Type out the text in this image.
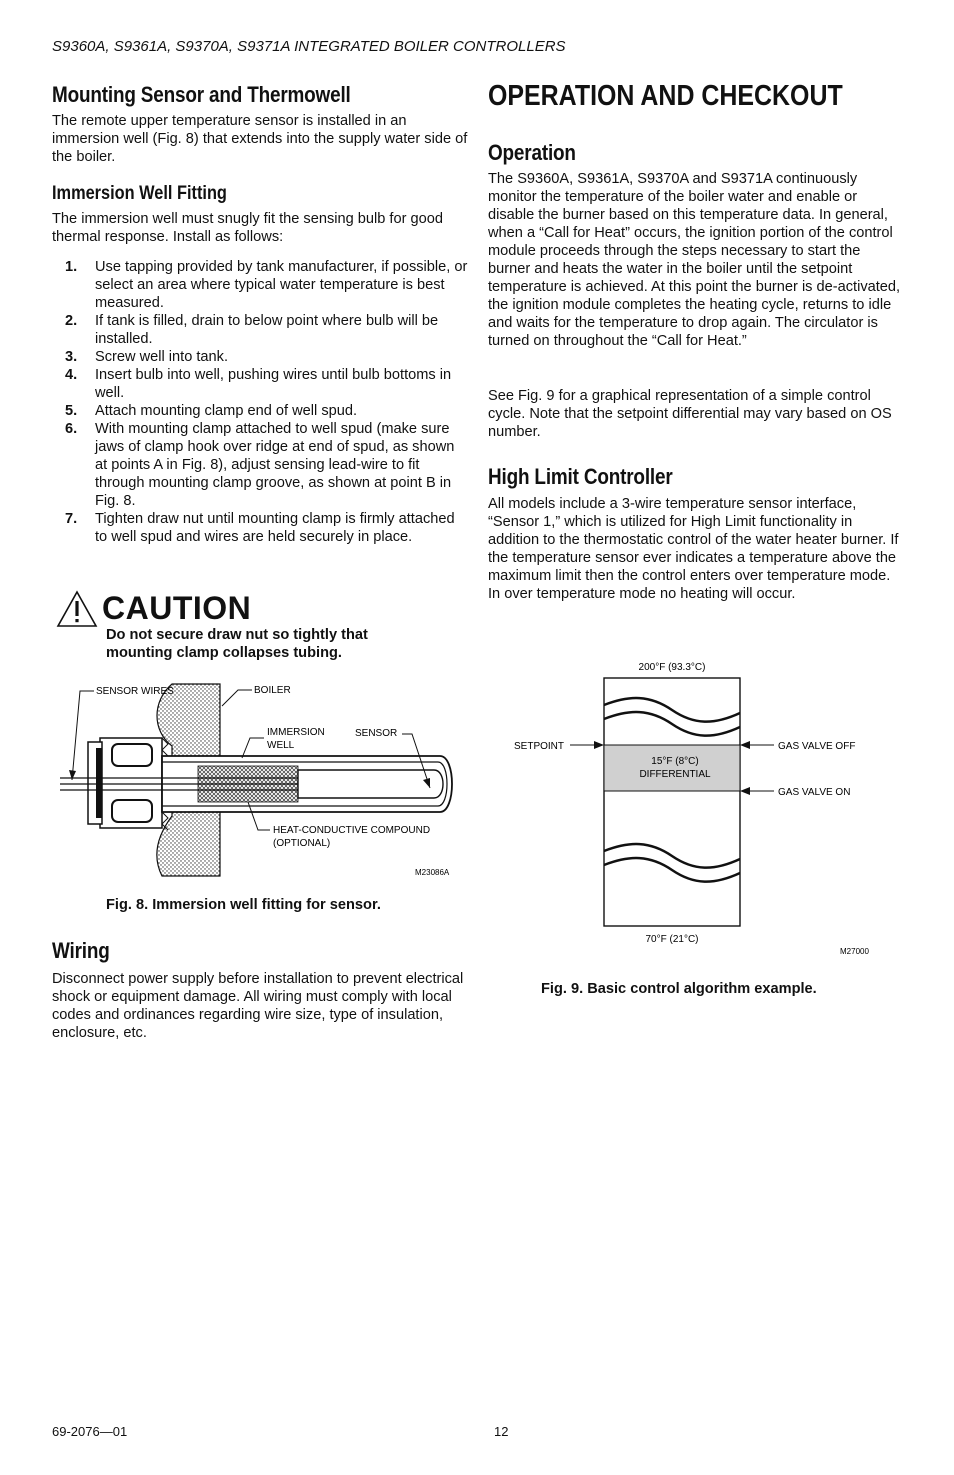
S9360A, S9361A, S9370A, S9371A INTEGRATED BOILER CONTROLLERS
Mounting Sensor and Thermowell
The remote upper temperature sensor is installed in an immersion well (Fig. 8) that extends into the supply water side of the boiler.
Immersion Well Fitting
The immersion well must snugly fit the sensing bulb for good thermal response. Install as follows:
1. Use tapping provided by tank manufacturer, if possible, or select an area where typical water temperature is best measured.
2. If tank is filled, drain to below point where bulb will be installed.
3. Screw well into tank.
4. Insert bulb into well, pushing wires until bulb bottoms in well.
5. Attach mounting clamp end of well spud.
6. With mounting clamp attached to well spud (make sure jaws of clamp hook over ridge at end of spud, as shown at points A in Fig. 8), adjust sensing lead-wire to fit through mounting clamp groove, as shown at point B in Fig. 8.
7. Tighten draw nut until mounting clamp is firmly attached to well spud and wires are held securely in place.
CAUTION
Do not secure draw nut so tightly that
mounting clamp collapses tubing.
SENSOR WIRES	BOILER
IMMERSION
WELL
SENSOR
HEAT-CONDUCTIVE COMPOUND
(OPTIONAL)
M23086A
Fig. 8. Immersion well fitting for sensor.
Wiring
Disconnect power supply before installation to prevent electrical shock or equipment damage. All wiring must comply with local codes and ordinances regarding wire size, type of insulation, enclosure, etc.
OPERATION AND CHECKOUT
Operation
The S9360A, S9361A, S9370A and S9371A continuously monitor the temperature of the boiler water and enable or disable the burner based on this temperature data. In general, when a “Call for Heat” occurs, the ignition portion of the control module proceeds through the steps necessary to start the burner and heats the water in the boiler until the setpoint temperature is achieved. At this point the burner is de-activated, the ignition module completes the heating cycle, returns to idle and waits for the temperature to drop again. The circulator is turned on throughout the “Call for Heat.”
See Fig. 9 for a graphical representation of a simple control cycle. Note that the setpoint differential may vary based on OS number.
High Limit Controller
All models include a 3-wire temperature sensor interface, “Sensor 1,” which is utilized for High Limit functionality in addition to the thermostatic control of the water heater burner. If the temperature sensor ever indicates a temperature above the maximum limit then the control enters over temperature mode. In over temperature mode no heating will occur.
200°F (93.3°C)
70°F (21°C)
SETPOINT	GAS VALVE OFF
GAS VALVE ON
15°F (8°C)
DIFFERENTIAL
M27000
Fig. 9. Basic control algorithm example.
69-2076—01	12
